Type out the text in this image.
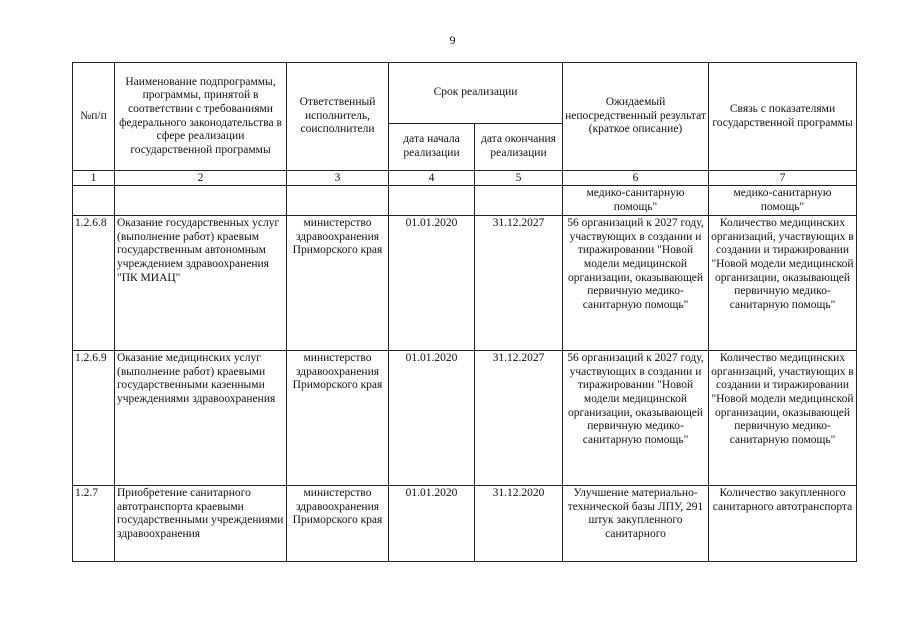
9
№п/п	Наименование подпрограммы, программы, принятой в соответствии с требованиями федерального законодательства в сфере реализации государственной программы	Ответственный исполнитель, соисполнители	Срок реализации		Ожидаемый непосредственный результат (краткое описание)	Связь с показателями государственной программы
			дата начала реализации	дата окончания реализации		
1	2	3	4	5	6	7
					медико-санитарную помощь"	медико-санитарную помощь"
1.2.6.8	Оказание государственных услуг (выполнение работ) краевым государственным автономным учреждением здравоохранения "ПК МИАЦ"	министерство здравоохранения Приморского края	01.01.2020	31.12.2027	56 организаций к 2027 году, участвующих в создании и тиражировании "Новой модели медицинской организации, оказывающей первичную медико-санитарную помощь"	Количество медицинских организаций, участвующих в создании и тиражировании "Новой модели медицинской организации, оказывающей первичную медико-санитарную помощь"
1.2.6.9	Оказание медицинских услуг (выполнение работ) краевыми государственными казенными учреждениями здравоохранения	министерство здравоохранения Приморского края	01.01.2020	31.12.2027	56 организаций к 2027 году, участвующих в создании и тиражировании "Новой модели медицинской организации, оказывающей первичную медико-санитарную помощь"	Количество медицинских организаций, участвующих в создании и тиражировании "Новой модели медицинской организации, оказывающей первичную медико-санитарную помощь"
1.2.7	Приобретение санитарного автотранспорта краевыми государственными учреждениями здравоохранения	министерство здравоохранения Приморского края	01.01.2020	31.12.2020	Улучшение материально-технической базы ЛПУ, 291 штук закупленного санитарного	Количество закупленного санитарного автотранспорта
